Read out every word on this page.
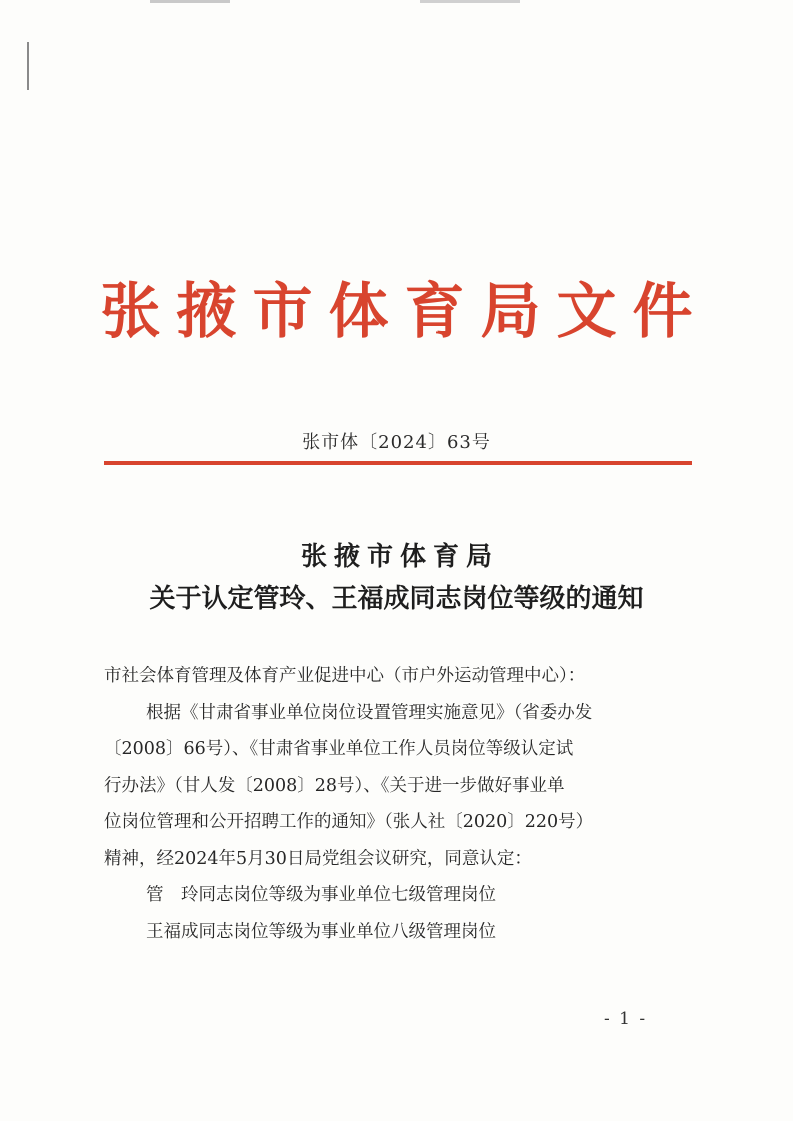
张掖市体育局文件
张市体〔2024〕63号
张掖市体育局
关于认定管玲、王福成同志岗位等级的通知
市社会体育管理及体育产业促进中心（市户外运动管理中心）：
根据《甘肃省事业单位岗位设置管理实施意见》（省委办发
〔2008〕66号）、《甘肃省事业单位工作人员岗位等级认定试
行办法》（甘人发〔2008〕28号）、《关于进一步做好事业单
位岗位管理和公开招聘工作的通知》（张人社〔2020〕220号）
精神，经2024年5月30日局党组会议研究，同意认定：
管　玲同志岗位等级为事业单位七级管理岗位
王福成同志岗位等级为事业单位八级管理岗位
- 1 -
